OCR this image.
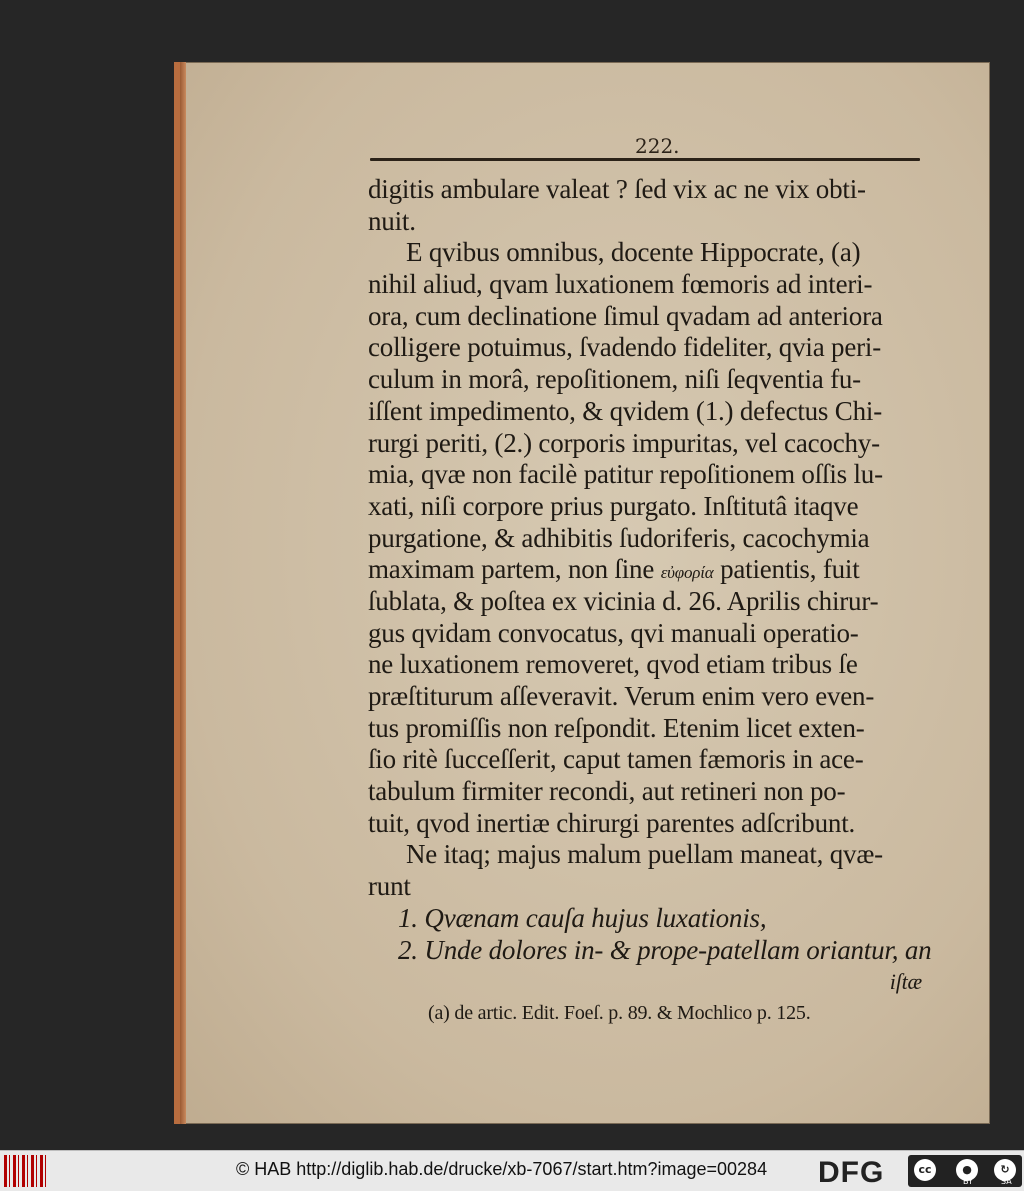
222.
digitis ambulare valeat ? ſed vix ac ne vix obti-
nuit.
E qvibus omnibus, docente Hippocrate, (a)
nihil aliud, qvam luxationem fœmoris ad interi-
ora, cum declinatione ſimul qvadam ad anteriora
colligere potuimus, ſvadendo fideliter, qvia peri-
culum in morâ, repoſitionem, niſi ſeqventia fu-
iſſent impedimento, & qvidem (1.) defectus Chi-
rurgi periti, (2.) corporis impuritas, vel cacochy-
mia, qvæ non facilè patitur repoſitionem oſſis lu-
xati, niſi corpore prius purgato. Inſtitutâ itaqve
purgatione, & adhibitis ſudoriferis, cacochymia
maximam partem, non ſine εὐφορία patientis, fuit
ſublata, & poſtea ex vicinia d. 26. Aprilis chirur-
gus qvidam convocatus, qvi manuali operatio-
ne luxationem removeret, qvod etiam tribus ſe
præſtiturum aſſeveravit. Verum enim vero even-
tus promiſſis non reſpondit. Etenim licet exten-
ſio ritè ſucceſſerit, caput tamen fæmoris in ace-
tabulum firmiter recondi, aut retineri non po-
tuit, qvod inertiæ chirurgi parentes adſcribunt.
Ne itaq; majus malum puellam maneat, qvæ-
runt
1. Qvænam cauſa hujus luxationis,
2. Unde dolores in- & prope-patellam oriantur, an
iſtæ
(a) de artic. Edit. Foeſ. p. 89. & Mochlico p. 125.
© HAB http://diglib.hab.de/drucke/xb-7067/start.htm?image=00284 DFG	cc	●	↻
BY	SA
